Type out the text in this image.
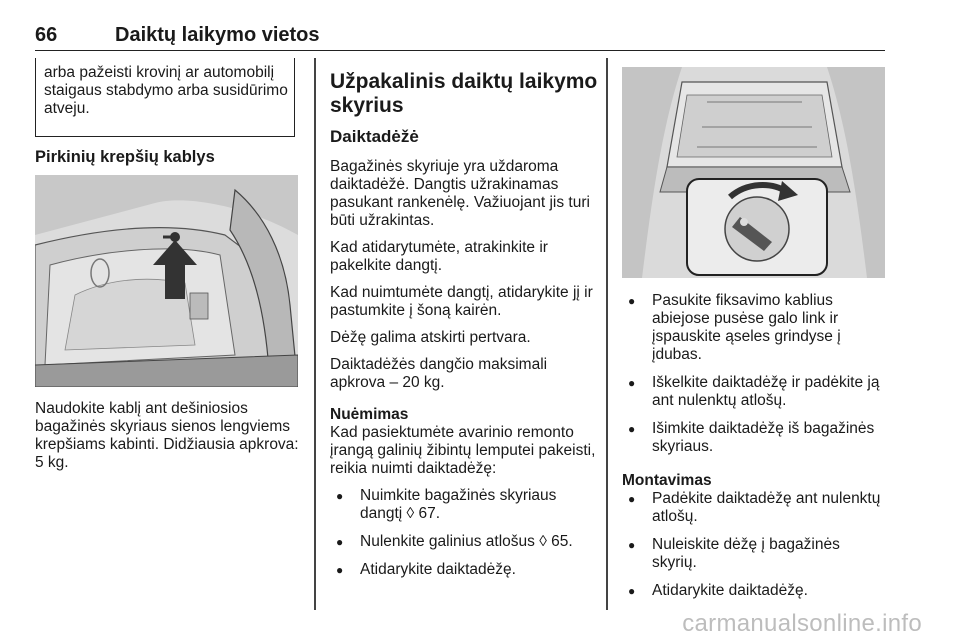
66	Daiktų laikymo vietos
arba pažeisti krovinį ar automobilį staigaus stabdymo arba susidūrimo atveju.
Pirkinių krepšių kablys

Naudokite kablį ant dešiniosios bagažinės skyriaus sienos lengviems krepšiams kabinti. Didžiausia apkrova: 5 kg.

Užpakalinis daiktų laikymo skyrius
Daiktadėžė

Bagažinės skyriuje yra uždaroma daiktadėžė. Dangtis užrakinamas pasukant rankenėlę. Važiuojant jis turi būti užrakintas.

Kad atidarytumėte, atrakinkite ir pakelkite dangtį.

Kad nuimtumėte dangtį, atidarykite jį ir pastumkite į šoną kairėn.

Dėžę galima atskirti pertvara.

Daiktadėžės dangčio maksimali apkrova – 20 kg.

Nuėmimas

Kad pasiektumėte avarinio remonto įrangą galinių žibintų lemputei pakeisti, reikia nuimti daiktadėžę:

● Nuimkite bagažinės skyriaus dangtį ◊ 67.
● Nulenkite galinius atlošus ◊ 65.
● Atidarykite daiktadėžę.
● Pasukite fiksavimo kablius abiejose pusėse galo link ir įspauskite ąseles grindyse į įdubas.
● Iškelkite daiktadėžę ir padėkite ją ant nulenktų atlošų.
● Išimkite daiktadėžę iš bagažinės skyriaus.
Montavimas
● Padėkite daiktadėžę ant nulenktų atlošų.
● Nuleiskite dėžę į bagažinės skyrių.
● Atidarykite daiktadėžę.
carmanualsonline.info
